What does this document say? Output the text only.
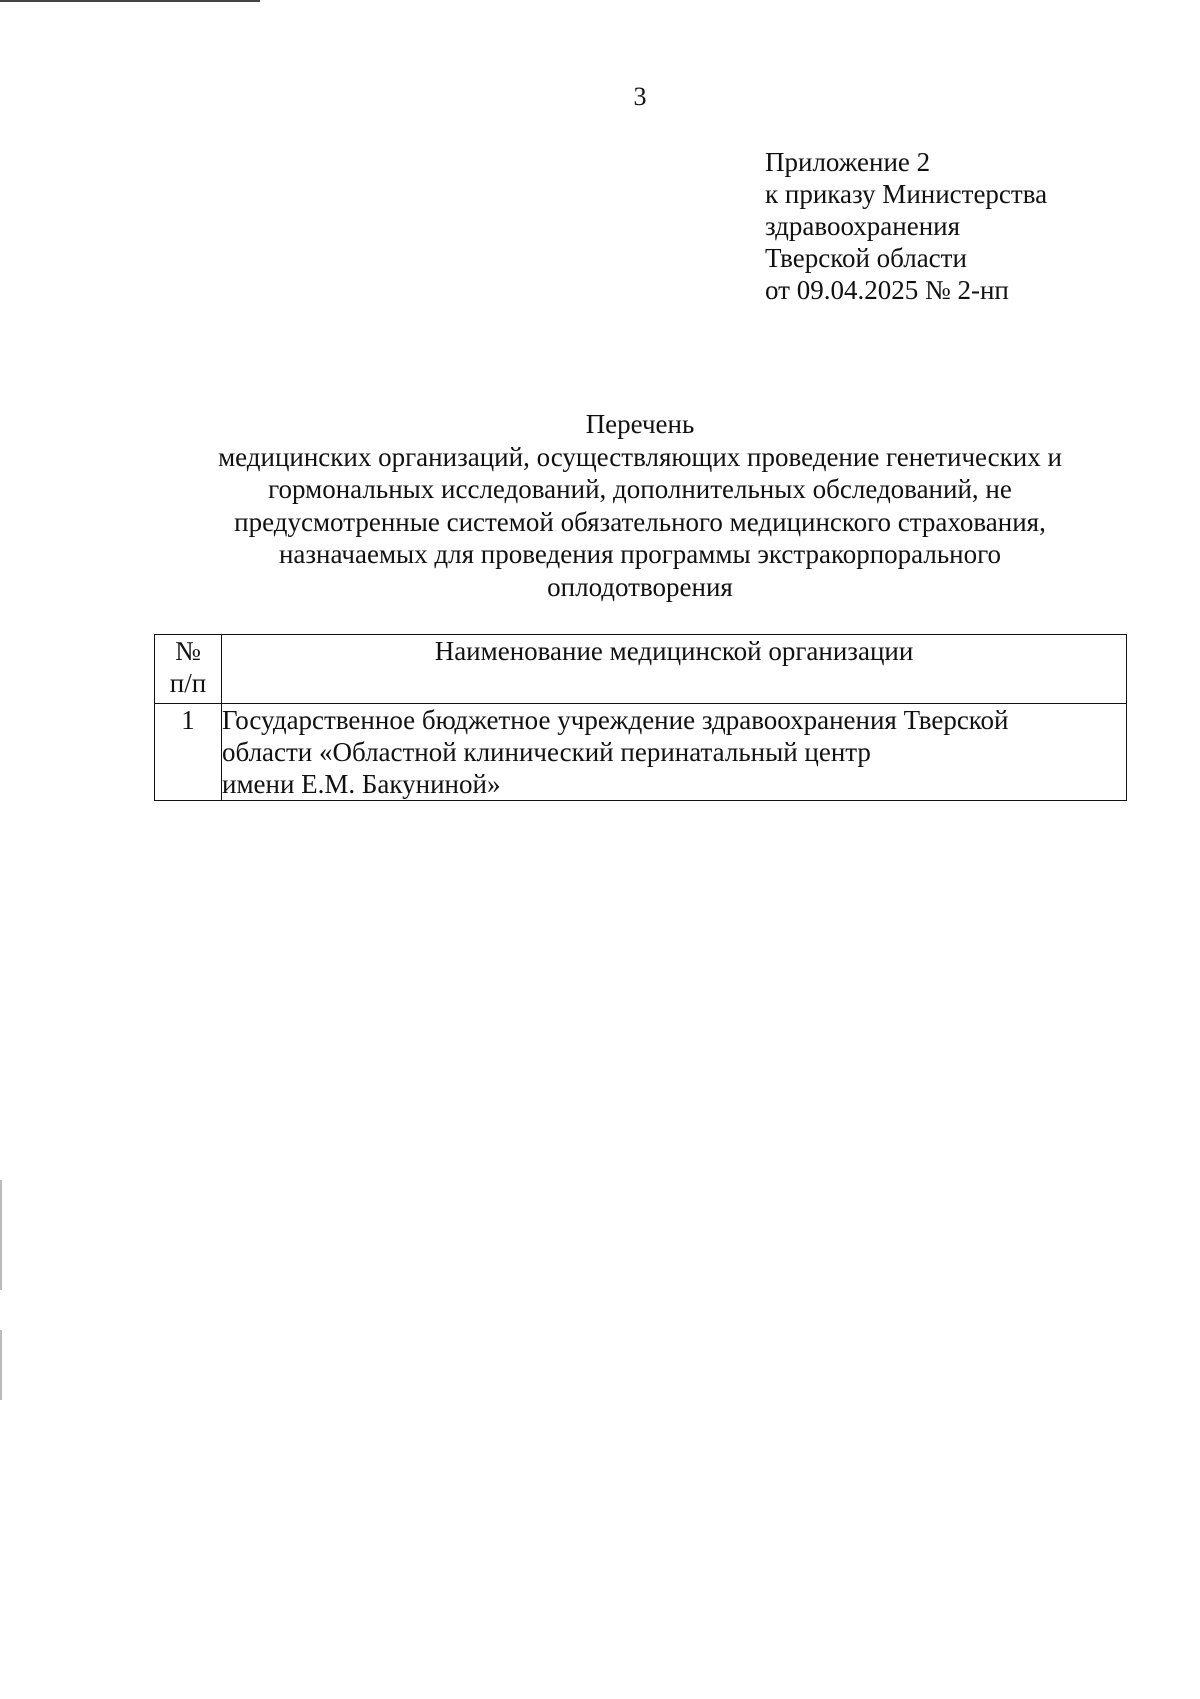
3
Приложение 2
к приказу Министерства
здравоохранения
Тверской области
от 09.04.2025 № 2-нп
Перечень
медицинских организаций, осуществляющих проведение генетических и
гормональных исследований, дополнительных обследований, не
предусмотренные системой обязательного медицинского страхования,
назначаемых для проведения программы экстракорпорального
оплодотворения
№
п/п	Наименование медицинской организации
1	Государственное бюджетное учреждение здравоохранения Тверской
области «Областной клинический перинатальный центр
имени Е.М. Бакуниной»
